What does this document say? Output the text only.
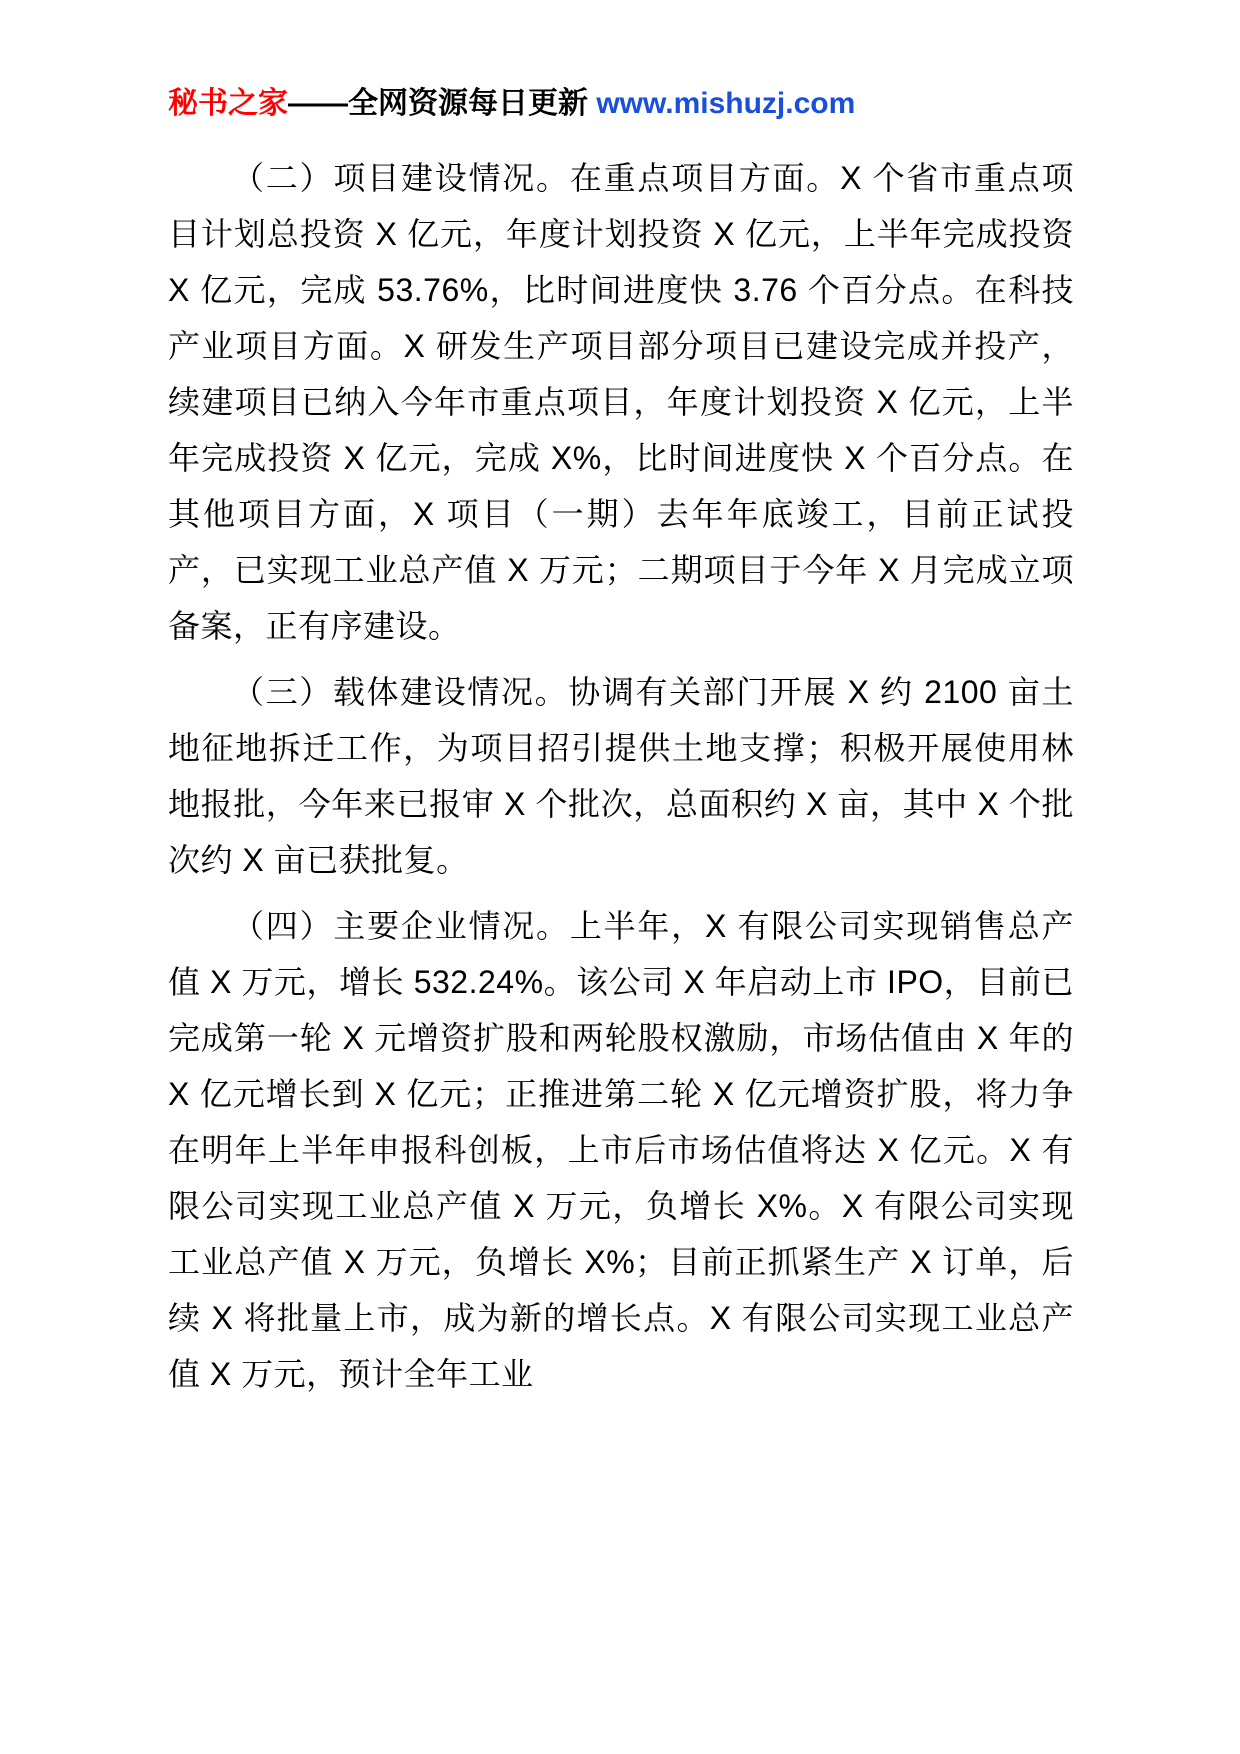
秘书之家——全网资源每日更新 www.mishuzj.com

（二）项目建设情况。在重点项目方面。X 个省市重点项目计划总投资 X 亿元，年度计划投资 X 亿元，上半年完成投资 X 亿元，完成 53.76%，比时间进度快 3.76 个百分点。在科技产业项目方面。X 研发生产项目部分项目已建设完成并投产，续建项目已纳入今年市重点项目，年度计划投资 X 亿元，上半年完成投资 X 亿元，完成 X%，比时间进度快 X 个百分点。在其他项目方面，X 项目（一期）去年年底竣工，目前正试投产，已实现工业总产值 X 万元；二期项目于今年 X 月完成立项备案，正有序建设。

（三）载体建设情况。协调有关部门开展 X 约 2100 亩土地征地拆迁工作，为项目招引提供土地支撑；积极开展使用林地报批，今年来已报审 X 个批次，总面积约 X 亩，其中 X 个批次约 X 亩已获批复。

（四）主要企业情况。上半年，X 有限公司实现销售总产值 X 万元，增长 532.24%。该公司 X 年启动上市 IPO，目前已完成第一轮 X 元增资扩股和两轮股权激励，市场估值由 X 年的 X 亿元增长到 X 亿元；正推进第二轮 X 亿元增资扩股，将力争在明年上半年申报科创板，上市后市场估值将达 X 亿元。X 有限公司实现工业总产值 X 万元，负增长 X%。X 有限公司实现工业总产值 X 万元，负增长 X%；目前正抓紧生产 X 订单，后续 X 将批量上市，成为新的增长点。X 有限公司实现工业总产值 X 万元，预计全年工业
